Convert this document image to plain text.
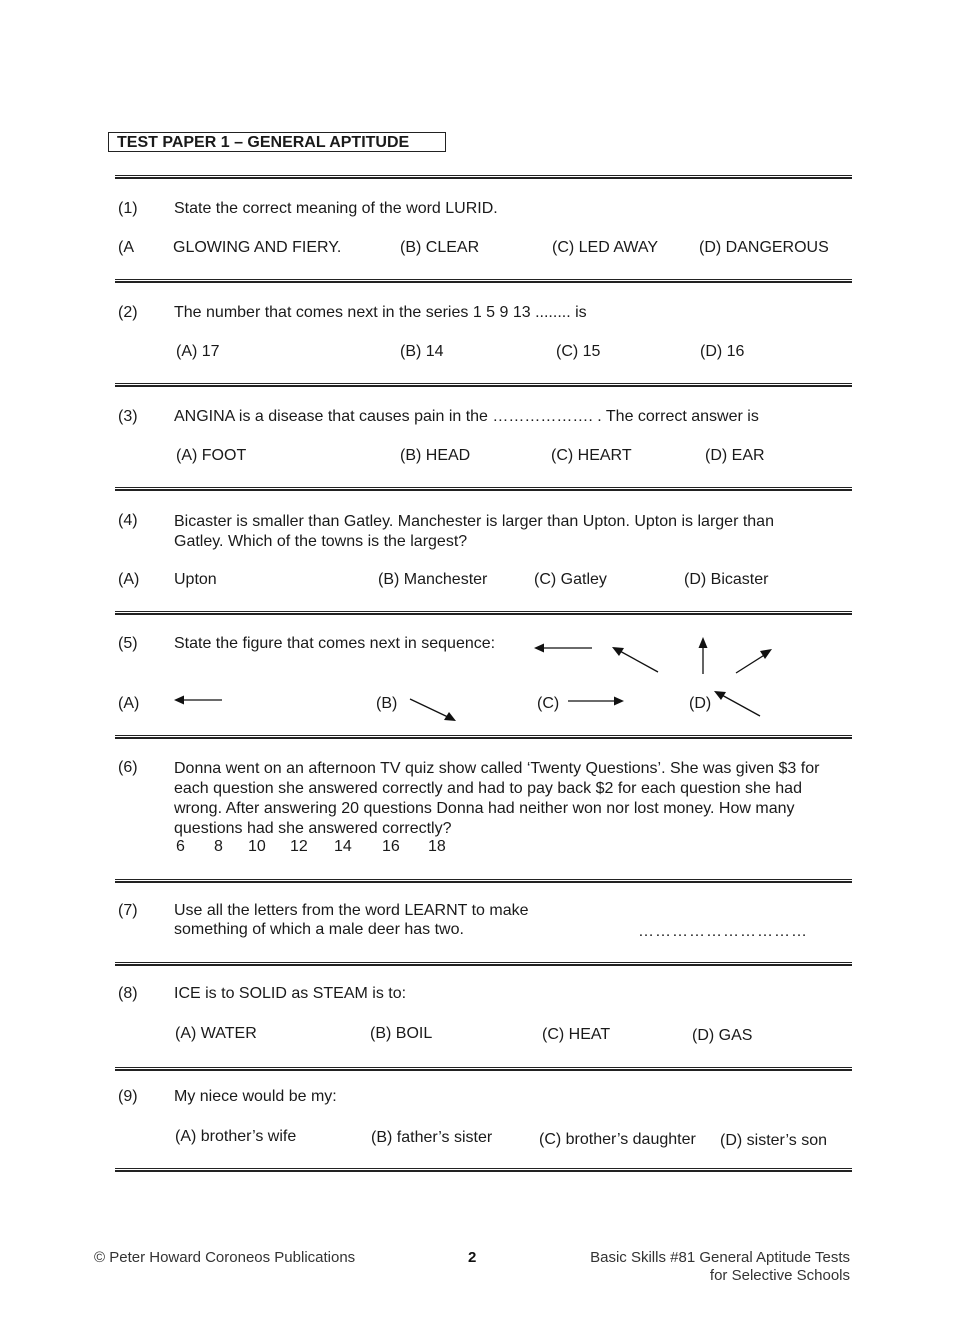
TEST PAPER 1 – GENERAL APTITUDE
(1) State the correct meaning of the word LURID.
(A GLOWING AND FIERY.	(B) CLEAR	(C) LED AWAY	(D) DANGEROUS
(2) The number that comes next in the series 1 5 9 13 ........ is
(A) 17	(B) 14	(C) 15	(D) 16
(3) ANGINA is a disease that causes pain in the ………………. . The correct answer is
(A) FOOT	(B) HEAD	(C) HEART	(D) EAR
(4) Bicaster is smaller than Gatley. Manchester is larger than Upton. Upton is larger than Gatley. Which of the towns is the largest?
(A) Upton	(B) Manchester	(C) Gatley	(D) Bicaster
(5) State the figure that comes next in sequence:
(A)	(B)	(C)	(D)
(6) Donna went on an afternoon TV quiz show called ‘Twenty Questions’. She was given $3 for each question she answered correctly and had to pay back $2 for each question she had wrong. After answering 20 questions Donna had neither won nor lost money. How many questions had she answered correctly?
6 8 10 12 14 16 18
(7) Use all the letters from the word LEARNT to make
something of which a male deer has two.	…………………………
(8) ICE is to SOLID as STEAM is to:
(A) WATER	(B) BOIL	(C) HEAT	(D) GAS
(9) My niece would be my:
(A) brother’s wife	(B) father’s sister	(C) brother’s daughter (D) sister’s son
© Peter Howard Coroneos Publications	2	Basic Skills #81 General Aptitude Tests
for Selective Schools
